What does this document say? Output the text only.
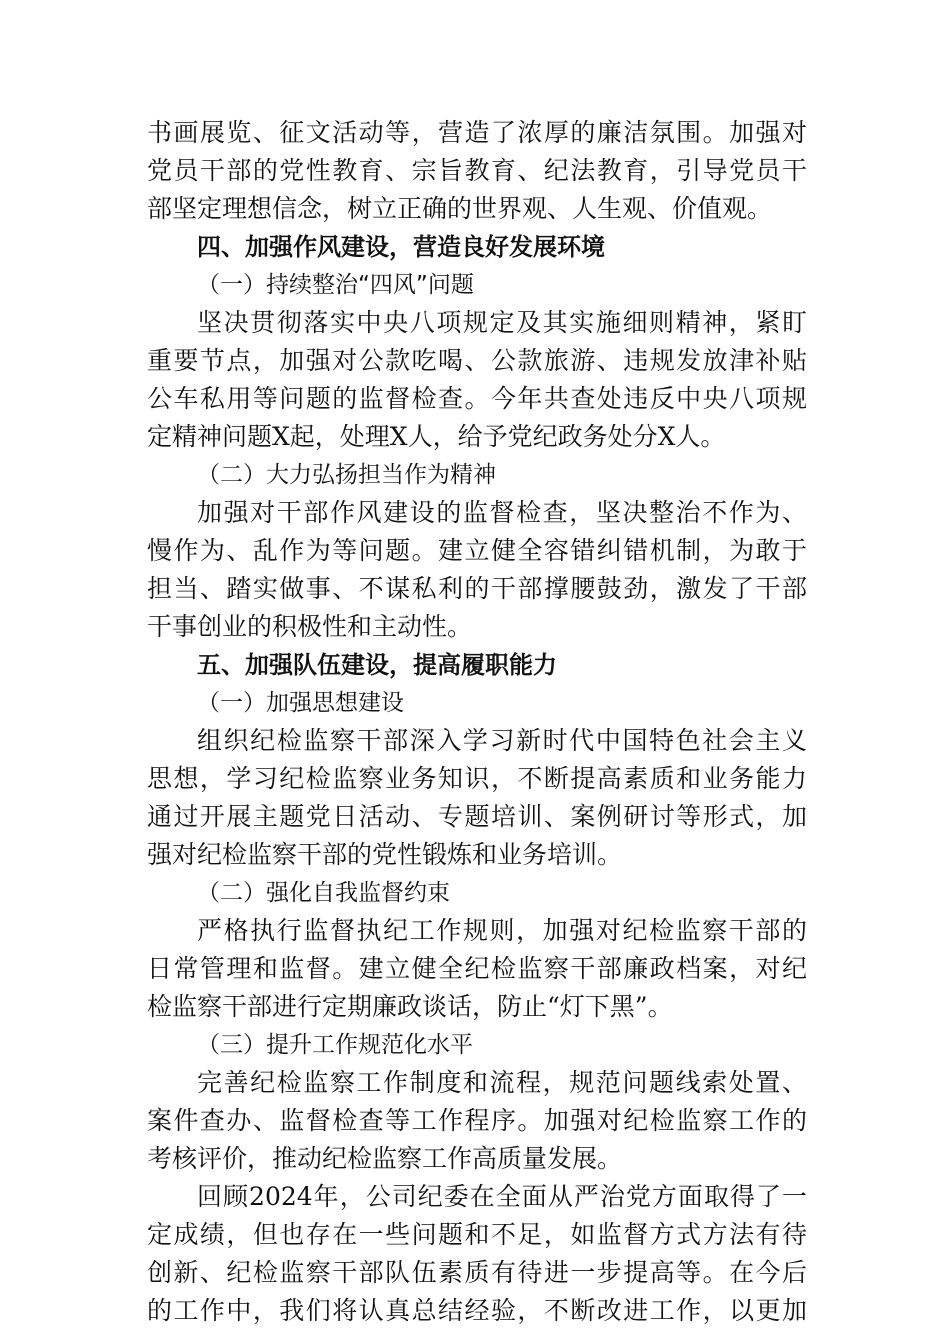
书画展览、征文活动等，营造了浓厚的廉洁氛围。加强对
党员干部的党性教育、宗旨教育、纪法教育，引导党员干
部坚定理想信念，树立正确的世界观、人生观、价值观。
四、加强作风建设，营造良好发展环境
（一）持续整治“四风”问题
坚决贯彻落实中央八项规定及其实施细则精神，紧盯
重要节点，加强对公款吃喝、公款旅游、违规发放津补贴
公车私用等问题的监督检查。今年共查处违反中央八项规
定精神问题X起，处理X人，给予党纪政务处分X人。
（二）大力弘扬担当作为精神
加强对干部作风建设的监督检查，坚决整治不作为、
慢作为、乱作为等问题。建立健全容错纠错机制，为敢于
担当、踏实做事、不谋私利的干部撑腰鼓劲，激发了干部
干事创业的积极性和主动性。
五、加强队伍建设，提高履职能力
（一）加强思想建设
组织纪检监察干部深入学习新时代中国特色社会主义
思想，学习纪检监察业务知识，不断提高素质和业务能力
通过开展主题党日活动、专题培训、案例研讨等形式，加
强对纪检监察干部的党性锻炼和业务培训。
（二）强化自我监督约束
严格执行监督执纪工作规则，加强对纪检监察干部的
日常管理和监督。建立健全纪检监察干部廉政档案，对纪
检监察干部进行定期廉政谈话，防止“灯下黑”。
（三）提升工作规范化水平
完善纪检监察工作制度和流程，规范问题线索处置、
案件查办、监督检查等工作程序。加强对纪检监察工作的
考核评价，推动纪检监察工作高质量发展。
回顾2024年，公司纪委在全面从严治党方面取得了一
定成绩，但也存在一些问题和不足，如监督方式方法有待
创新、纪检监察干部队伍素质有待进一步提高等。在今后
的工作中，我们将认真总结经验，不断改进工作，以更加
